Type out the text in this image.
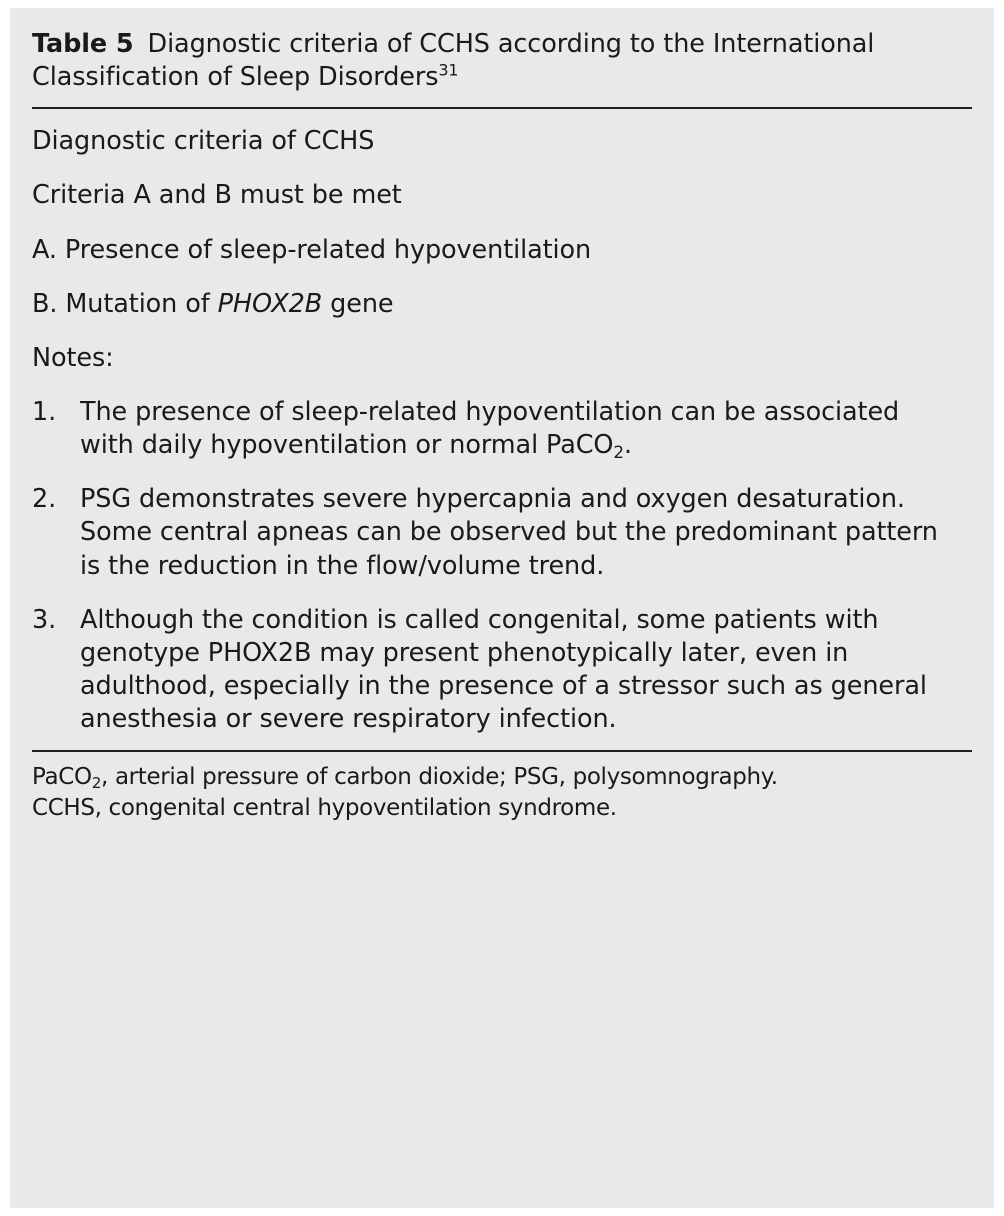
Table 5 Diagnostic criteria of CCHS according to the International Classification of Sleep Disorders$^{31}$
Diagnostic criteria of CCHS
Criteria A and B must be met
A. Presence of sleep-related hypoventilation
B. Mutation of PHOX2B gene
Notes:
1. The presence of sleep-related hypoventilation can be associated with daily hypoventilation or normal PaCO$_2$.
2. PSG demonstrates severe hypercapnia and oxygen desaturation. Some central apneas can be observed but the predominant pattern is the reduction in the flow/volume trend.
3. Although the condition is called congenital, some patients with genotype PHOX2B may present phenotypically later, even in adulthood, especially in the presence of a stressor such as general anesthesia or severe respiratory infection.
PaCO$_2$, arterial pressure of carbon dioxide; PSG, polysomnography.
CCHS, congenital central hypoventilation syndrome.
